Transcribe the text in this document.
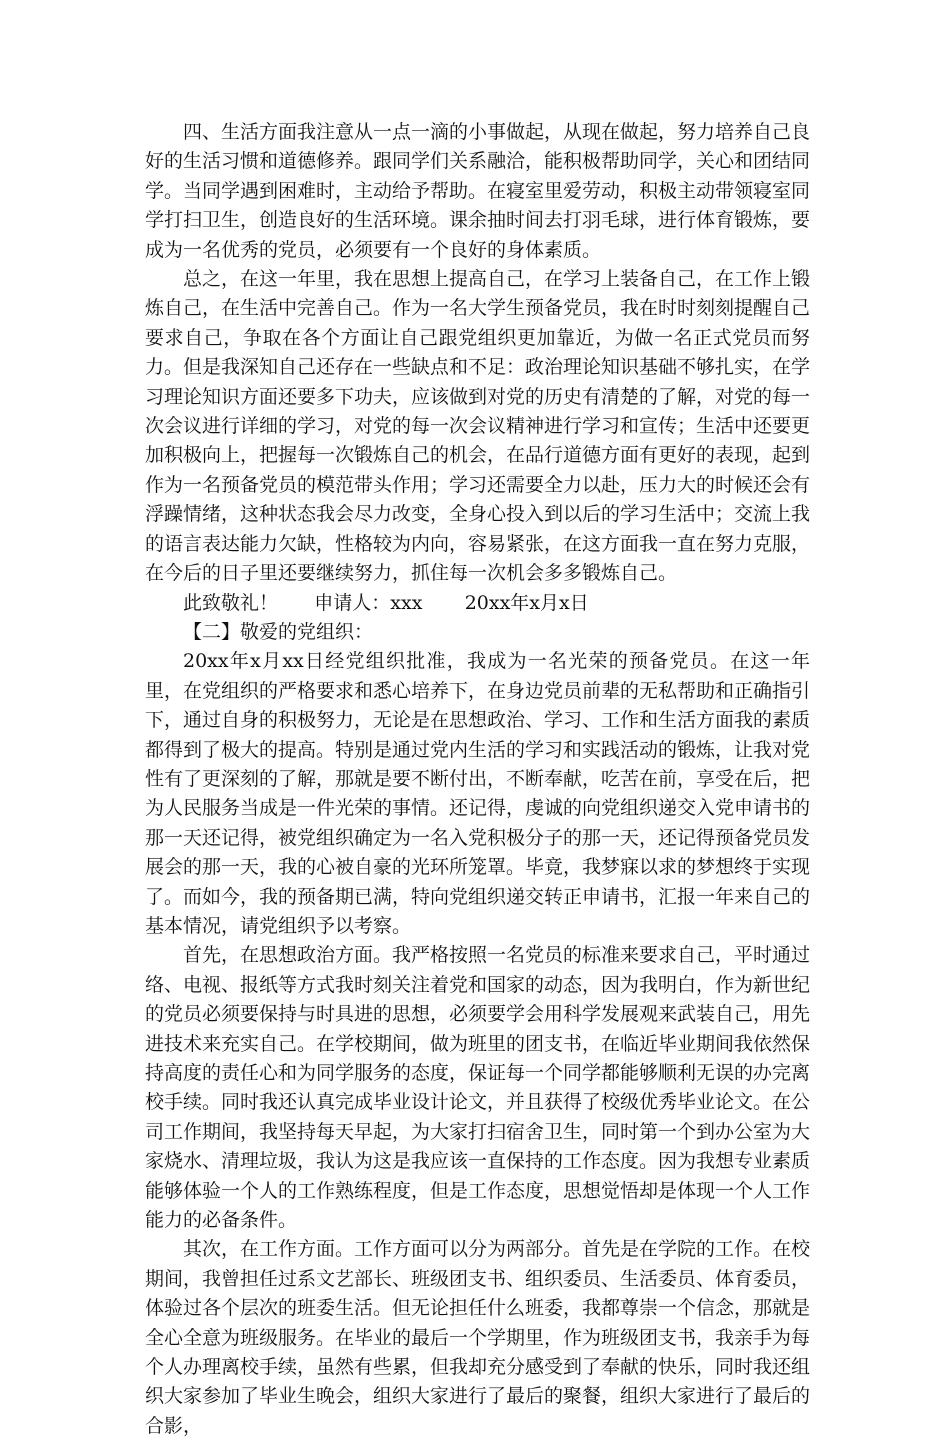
四、生活方面我注意从一点一滴的小事做起，从现在做起，努力培养自己良好的生活习惯和道德修养。跟同学们关系融洽，能积极帮助同学，关心和团结同学。当同学遇到困难时，主动给予帮助。在寝室里爱劳动，积极主动带领寝室同学打扫卫生，创造良好的生活环境。课余抽时间去打羽毛球，进行体育锻炼，要成为一名优秀的党员，必须要有一个良好的身体素质。

总之，在这一年里，我在思想上提高自己，在学习上装备自己，在工作上锻炼自己，在生活中完善自己。作为一名大学生预备党员，我在时时刻刻提醒自己要求自己，争取在各个方面让自己跟党组织更加靠近，为做一名正式党员而努力。但是我深知自己还存在一些缺点和不足：政治理论知识基础不够扎实，在学习理论知识方面还要多下功夫，应该做到对党的历史有清楚的了解，对党的每一次会议进行详细的学习，对党的每一次会议精神进行学习和宣传；生活中还要更加积极向上，把握每一次锻炼自己的机会，在品行道德方面有更好的表现，起到作为一名预备党员的模范带头作用；学习还需要全力以赴，压力大的时候还会有浮躁情绪，这种状态我会尽力改变，全身心投入到以后的学习生活中；交流上我的语言表达能力欠缺，性格较为内向，容易紧张，在这方面我一直在努力克服，在今后的日子里还要继续努力，抓住每一次机会多多锻炼自己。

此致敬礼！ 申请人：xxx 20xx年x月x日

【二】敬爱的党组织：

20xx年x月xx日经党组织批准，我成为一名光荣的预备党员。在这一年里，在党组织的严格要求和悉心培养下，在身边党员前辈的无私帮助和正确指引下，通过自身的积极努力，无论是在思想政治、学习、工作和生活方面我的素质都得到了极大的提高。特别是通过党内生活的学习和实践活动的锻炼，让我对党性有了更深刻的了解，那就是要不断付出，不断奉献，吃苦在前，享受在后，把为人民服务当成是一件光荣的事情。还记得，虔诚的向党组织递交入党申请书的那一天还记得，被党组织确定为一名入党积极分子的那一天，还记得预备党员发展会的那一天，我的心被自豪的光环所笼罩。毕竟，我梦寐以求的梦想终于实现了。而如今，我的预备期已满，特向党组织递交转正申请书，汇报一年来自己的基本情况，请党组织予以考察。

首先，在思想政治方面。我严格按照一名党员的标准来要求自己，平时通过络、电视、报纸等方式我时刻关注着党和国家的动态，因为我明白，作为新世纪的党员必须要保持与时具进的思想，必须要学会用科学发展观来武装自己，用先进技术来充实自己。在学校期间，做为班里的团支书，在临近毕业期间我依然保持高度的责任心和为同学服务的态度，保证每一个同学都能够顺利无误的办完离校手续。同时我还认真完成毕业设计论文，并且获得了校级优秀毕业论文。在公司工作期间，我坚持每天早起，为大家打扫宿舍卫生，同时第一个到办公室为大家烧水、清理垃圾，我认为这是我应该一直保持的工作态度。因为我想专业素质能够体验一个人的工作熟练程度，但是工作态度，思想觉悟却是体现一个人工作能力的必备条件。

其次，在工作方面。工作方面可以分为两部分。首先是在学院的工作。在校期间，我曾担任过系文艺部长、班级团支书、组织委员、生活委员、体育委员，体验过各个层次的班委生活。但无论担任什么班委，我都尊崇一个信念，那就是全心全意为班级服务。在毕业的最后一个学期里，作为班级团支书，我亲手为每个人办理离校手续，虽然有些累，但我却充分感受到了奉献的快乐，同时我还组织大家参加了毕业生晚会，组织大家进行了最后的聚餐，组织大家进行了最后的合影，
